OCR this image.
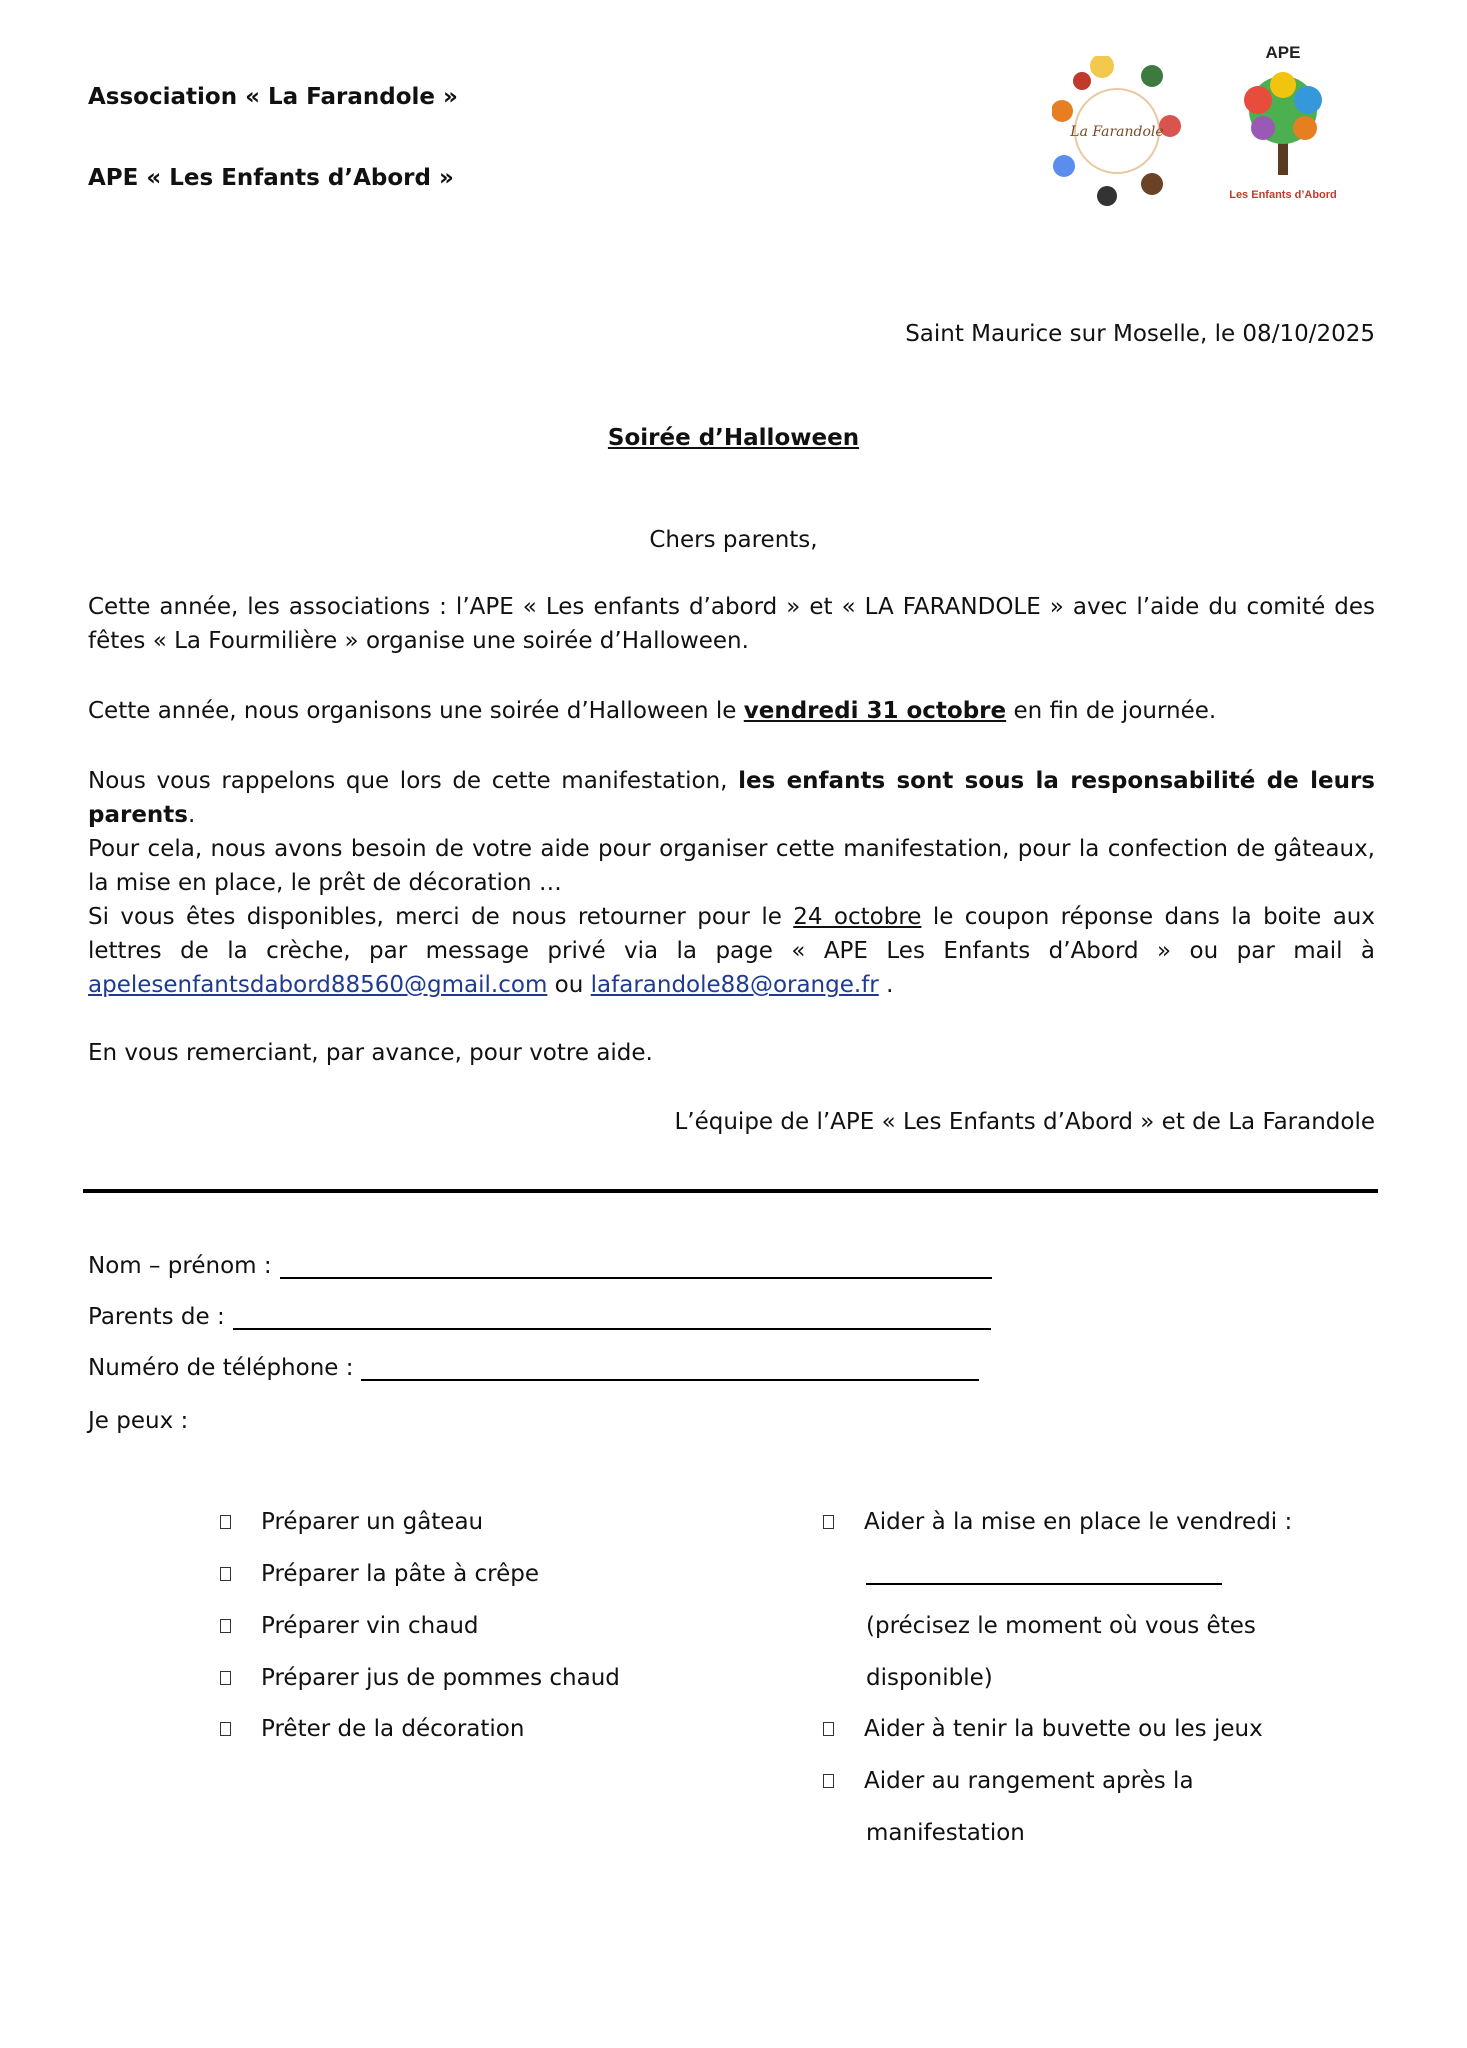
Association « La Farandole »
APE « Les Enfants d’Abord »
La Farandole
APE
Les Enfants d’Abord
Saint Maurice sur Moselle, le 08/10/2025
Soirée d’Halloween
Chers parents,
Cette année, les associations : l’APE « Les enfants d’abord » et « LA FARANDOLE » avec l’aide du comité des fêtes « La Fourmilière » organise une soirée d’Halloween.
Cette année, nous organisons une soirée d’Halloween le vendredi 31 octobre en fin de journée.
Nous vous rappelons que lors de cette manifestation, les enfants sont sous la responsabilité de leurs parents.
Pour cela, nous avons besoin de votre aide pour organiser cette manifestation, pour la confection de gâteaux, la mise en place, le prêt de décoration …
Si vous êtes disponibles, merci de nous retourner pour le 24 octobre le coupon réponse dans la boite aux lettres de la crèche, par message privé via la page « APE Les Enfants d’Abord » ou par mail à apelesenfantsdabord88560@gmail.com ou lafarandole88@orange.fr .
En vous remerciant, par avance, pour votre aide.
L’équipe de l’APE « Les Enfants d’Abord » et de La Farandole
Nom – prénom :
Parents de :
Numéro de téléphone :
Je peux :
Préparer un gâteau
Préparer la pâte à crêpe
Préparer vin chaud
Préparer jus de pommes chaud
Prêter de la décoration
Aider à la mise en place le vendredi :
(précisez le moment où vous êtes
disponible)
Aider à tenir la buvette ou les jeux
Aider au rangement après la
manifestation
